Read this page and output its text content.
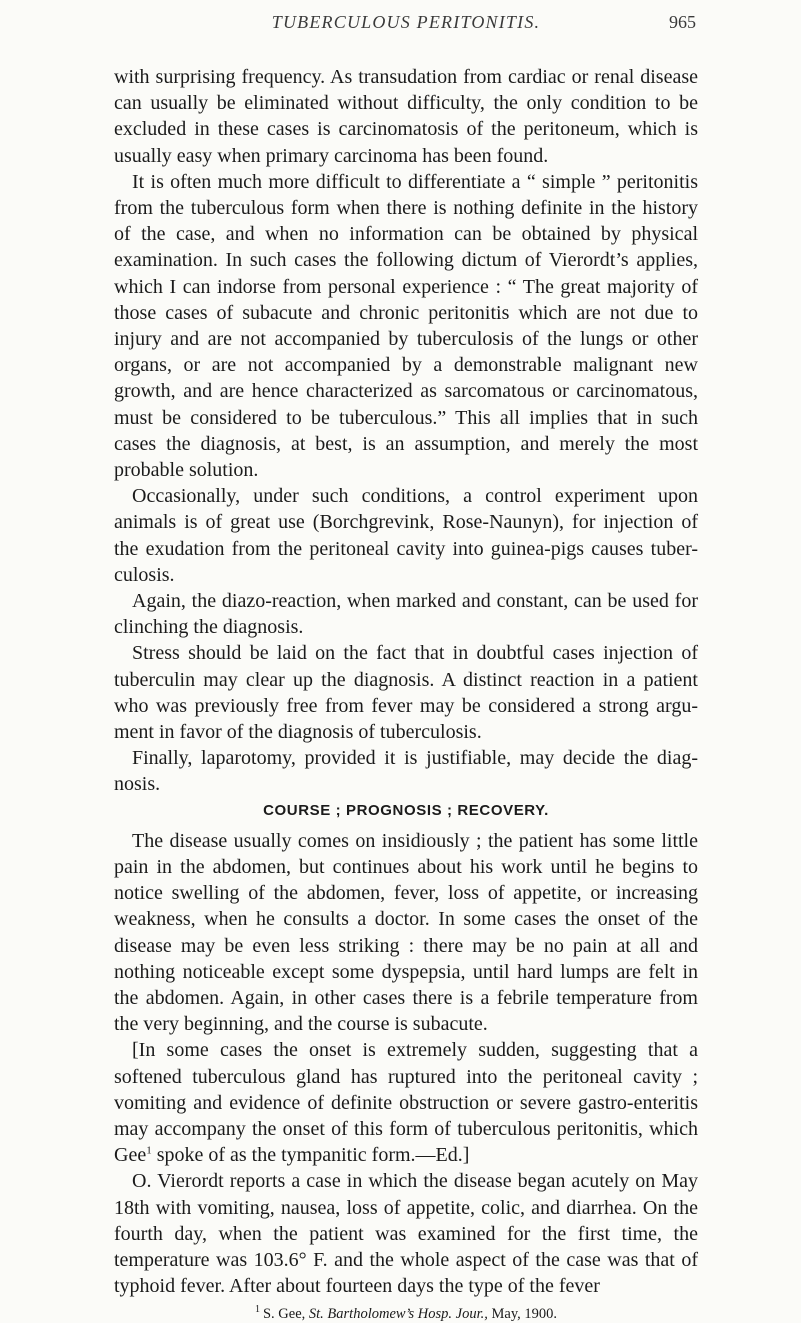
TUBERCULOUS PERITONITIS.	965

with surprising frequency. As transudation from cardiac or renal disease can usually be eliminated without difficulty, the only condition to be excluded in these cases is carcinomatosis of the peritoneum, which is usually easy when primary carcinoma has been found.

It is often much more difficult to differentiate a “ simple ” peritonitis from the tuberculous form when there is nothing definite in the history of the case, and when no information can be obtained by physical examination. In such cases the following dictum of Vierordt’s applies, which I can indorse from personal experience : “ The great majority of those cases of subacute and chronic peritonitis which are not due to injury and are not accompanied by tuberculosis of the lungs or other organs, or are not accompanied by a demonstrable malignant new growth, and are hence characterized as sarcomatous or carcinomatous, must be considered to be tuberculous.” This all implies that in such cases the diagnosis, at best, is an assumption, and merely the most probable solution.

Occasionally, under such conditions, a control experiment upon animals is of great use (Borchgrevink, Rose-Naunyn), for injection of the exudation from the peritoneal cavity into guinea-pigs causes tuber-culosis.

Again, the diazo-reaction, when marked and constant, can be used for clinching the diagnosis.

Stress should be laid on the fact that in doubtful cases injection of tuberculin may clear up the diagnosis. A distinct reaction in a patient who was previously free from fever may be considered a strong argu-ment in favor of the diagnosis of tuberculosis.

Finally, laparotomy, provided it is justifiable, may decide the diag-nosis.

COURSE ; PROGNOSIS ; RECOVERY.

The disease usually comes on insidiously ; the patient has some little pain in the abdomen, but continues about his work until he begins to notice swelling of the abdomen, fever, loss of appetite, or increasing weakness, when he consults a doctor. In some cases the onset of the disease may be even less striking : there may be no pain at all and nothing noticeable except some dyspepsia, until hard lumps are felt in the abdomen. Again, in other cases there is a febrile temperature from the very beginning, and the course is subacute.

[In some cases the onset is extremely sudden, suggesting that a softened tuberculous gland has ruptured into the peritoneal cavity ; vomiting and evidence of definite obstruction or severe gastro-enteritis may accompany the onset of this form of tuberculous peritonitis, which Gee$^1$ spoke of as the tympanitic form.—Ed.]

O. Vierordt reports a case in which the disease began acutely on May 18th with vomiting, nausea, loss of appetite, colic, and diarrhea. On the fourth day, when the patient was examined for the first time, the temperature was 103.6° F. and the whole aspect of the case was that of typhoid fever. After about fourteen days the type of the fever

$^1$ S. Gee, St. Bartholomew’s Hosp. Jour., May, 1900.
